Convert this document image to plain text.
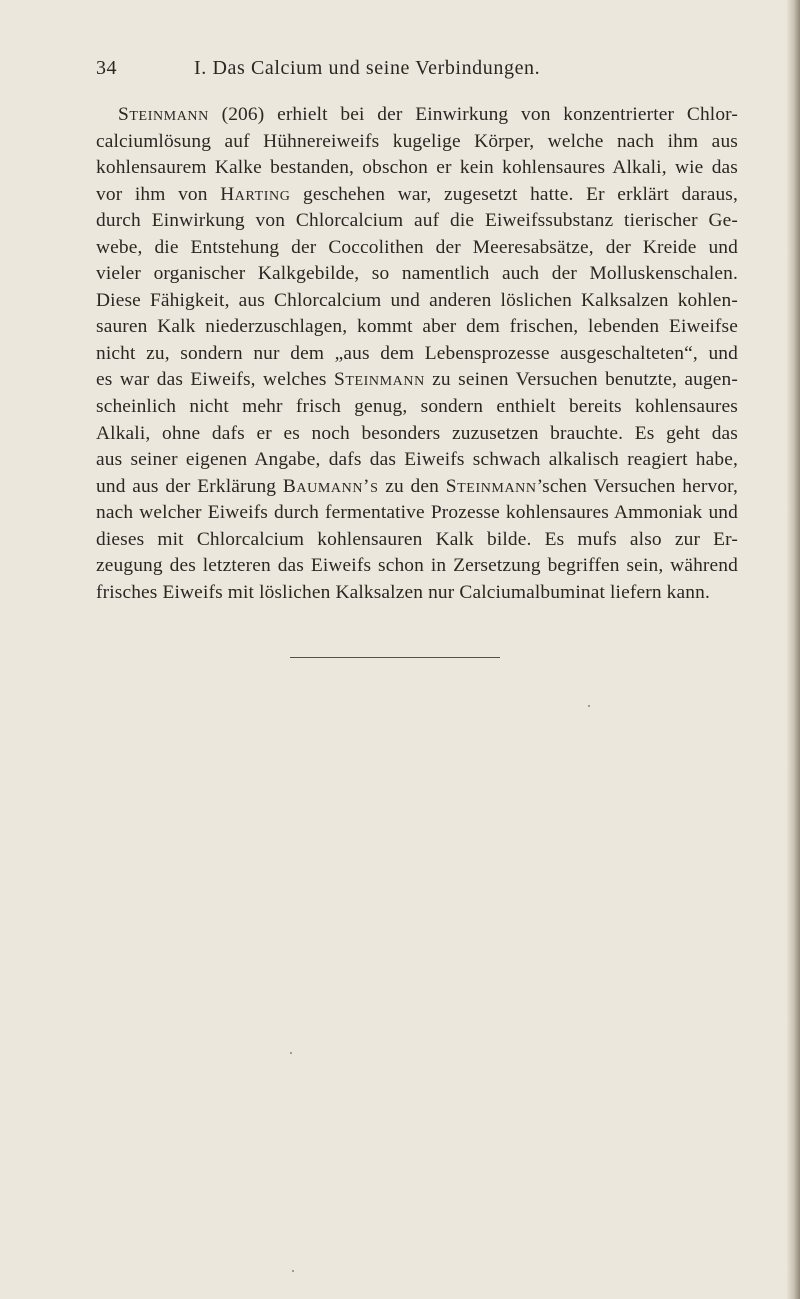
34	I. Das Calcium und seine Verbindungen.
Steinmann (206) erhielt bei der Einwirkung von konzentrierter Chlor-
calciumlösung auf Hühnereiweifs kugelige Körper, welche nach ihm aus
kohlensaurem Kalke bestanden, obschon er kein kohlensaures Alkali, wie das
vor ihm von Harting geschehen war, zugesetzt hatte. Er erklärt daraus,
durch Einwirkung von Chlorcalcium auf die Eiweifssubstanz tierischer Ge-
webe, die Entstehung der Coccolithen der Meeresabsätze, der Kreide und
vieler organischer Kalkgebilde, so namentlich auch der Molluskenschalen.
Diese Fähigkeit, aus Chlorcalcium und anderen löslichen Kalksalzen kohlen-
sauren Kalk niederzuschlagen, kommt aber dem frischen, lebenden Eiweifse
nicht zu, sondern nur dem „aus dem Lebensprozesse ausgeschalteten“, und
es war das Eiweifs, welches Steinmann zu seinen Versuchen benutzte, augen-
scheinlich nicht mehr frisch genug, sondern enthielt bereits kohlensaures
Alkali, ohne dafs er es noch besonders zuzusetzen brauchte. Es geht das
aus seiner eigenen Angabe, dafs das Eiweifs schwach alkalisch reagiert habe,
und aus der Erklärung Baumann’s zu den Steinmann’schen Versuchen hervor,
nach welcher Eiweifs durch fermentative Prozesse kohlensaures Ammoniak und
dieses mit Chlorcalcium kohlensauren Kalk bilde. Es mufs also zur Er-
zeugung des letzteren das Eiweifs schon in Zersetzung begriffen sein, während
frisches Eiweifs mit löslichen Kalksalzen nur Calciumalbuminat liefern kann.
